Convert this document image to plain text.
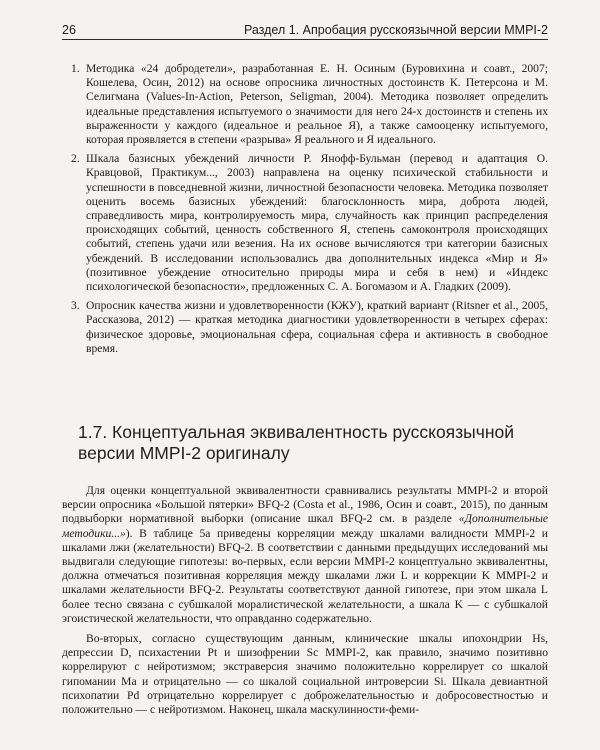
26	Раздел 1. Апробация русскоязычной версии MMPI-2
1. Методика «24 добродетели», разработанная Е. Н. Осиным (Буровихина и соавт., 2007; Кошелева, Осин, 2012) на основе опросника личностных достоинств К. Петерсона и М. Селигмана (Values-In-Action, Peterson, Seligman, 2004). Методика позволяет определить идеальные представления испытуемого о значимости для него 24-х достоинств и степень их выраженности у каждого (идеальное и реальное Я), а также самооценку испытуемого, которая проявляется в степени «разрыва» Я реального и Я идеального.
2. Шкала базисных убеждений личности Р. Янофф-Бульман (перевод и адаптация О. Кравцовой, Практикум..., 2003) направлена на оценку психической стабильности и успешности в повседневной жизни, личностной безопасности человека. Методика позволяет оценить восемь базисных убеждений: благосклонность мира, доброта людей, справедливость мира, контролируемость мира, случайность как принцип распределения происходящих событий, ценность собственного Я, степень самоконтроля происходящих событий, степень удачи или везения. На их основе вычисляются три категории базисных убеждений. В исследовании использовались два дополнительных индекса «Мир и Я» (позитивное убеждение относительно природы мира и себя в нем) и «Индекс психологической безопасности», предложенных С. А. Богомазом и А. Гладких (2009).
3. Опросник качества жизни и удовлетворенности (КЖУ), краткий вариант (Ritsner et al., 2005, Рассказова, 2012) — краткая методика диагностики удовлетворенности в четырех сферах: физическое здоровье, эмоциональная сфера, социальная сфера и активность в свободное время.
1.7. Концептуальная эквивалентность русскоязычной версии MMPI-2 оригиналу

Для оценки концептуальной эквивалентности сравнивались результаты MMPI-2 и второй версии опросника «Большой пятерки» BFQ-2 (Costa et al., 1986, Осин и соавт., 2015), по данным подвыборки нормативной выборки (описание шкал BFQ-2 см. в разделе «Дополнительные методики...»). В таблице 5а приведены корреляции между шкалами валидности MMPI-2 и шкалами лжи (желательности) BFQ-2. В соответствии с данными предыдущих исследований мы выдвигали следующие гипотезы: во-первых, если версии MMPI-2 концептуально эквивалентны, должна отмечаться позитивная корреляция между шкалами лжи L и коррекции K MMPI-2 и шкалами желательности BFQ-2. Результаты соответствуют данной гипотезе, при этом шкала L более тесно связана с субшкалой моралистической желательности, а шкала K — с субшкалой эгоистической желательности, что оправданно содержательно.

Во-вторых, согласно существующим данным, клинические шкалы ипохондрии Hs, депрессии D, психастении Pt и шизофрении Sc MMPI-2, как правило, значимо позитивно коррелируют с нейротизмом; экстраверсия значимо положительно коррелирует со шкалой гипомании Ma и отрицательно — со шкалой социальной интроверсии Si. Шкала девиантной психопатии Pd отрицательно коррелирует с доброжелательностью и добросовестностью и положительно — с нейротизмом. Наконец, шкала маскулинности-феми-
